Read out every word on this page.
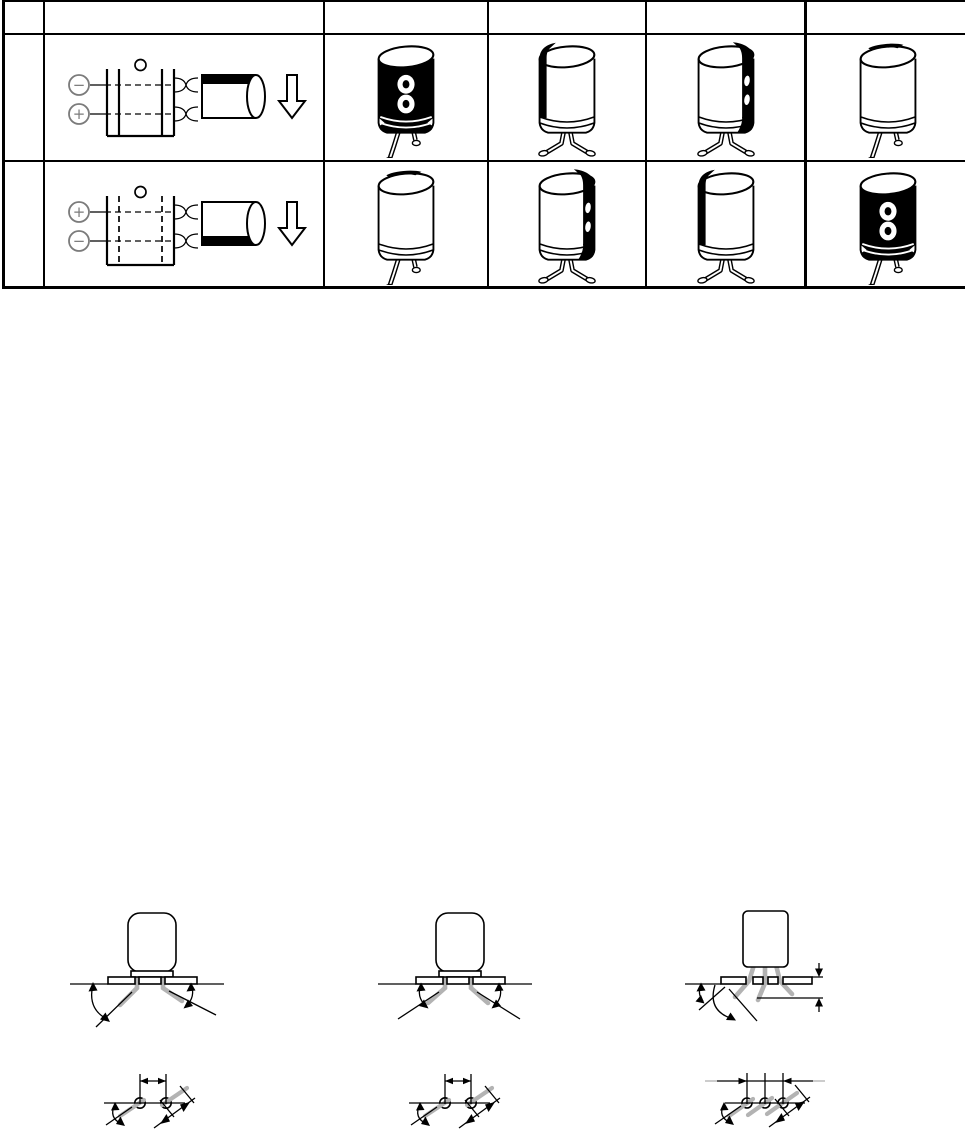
−
+
+
−
